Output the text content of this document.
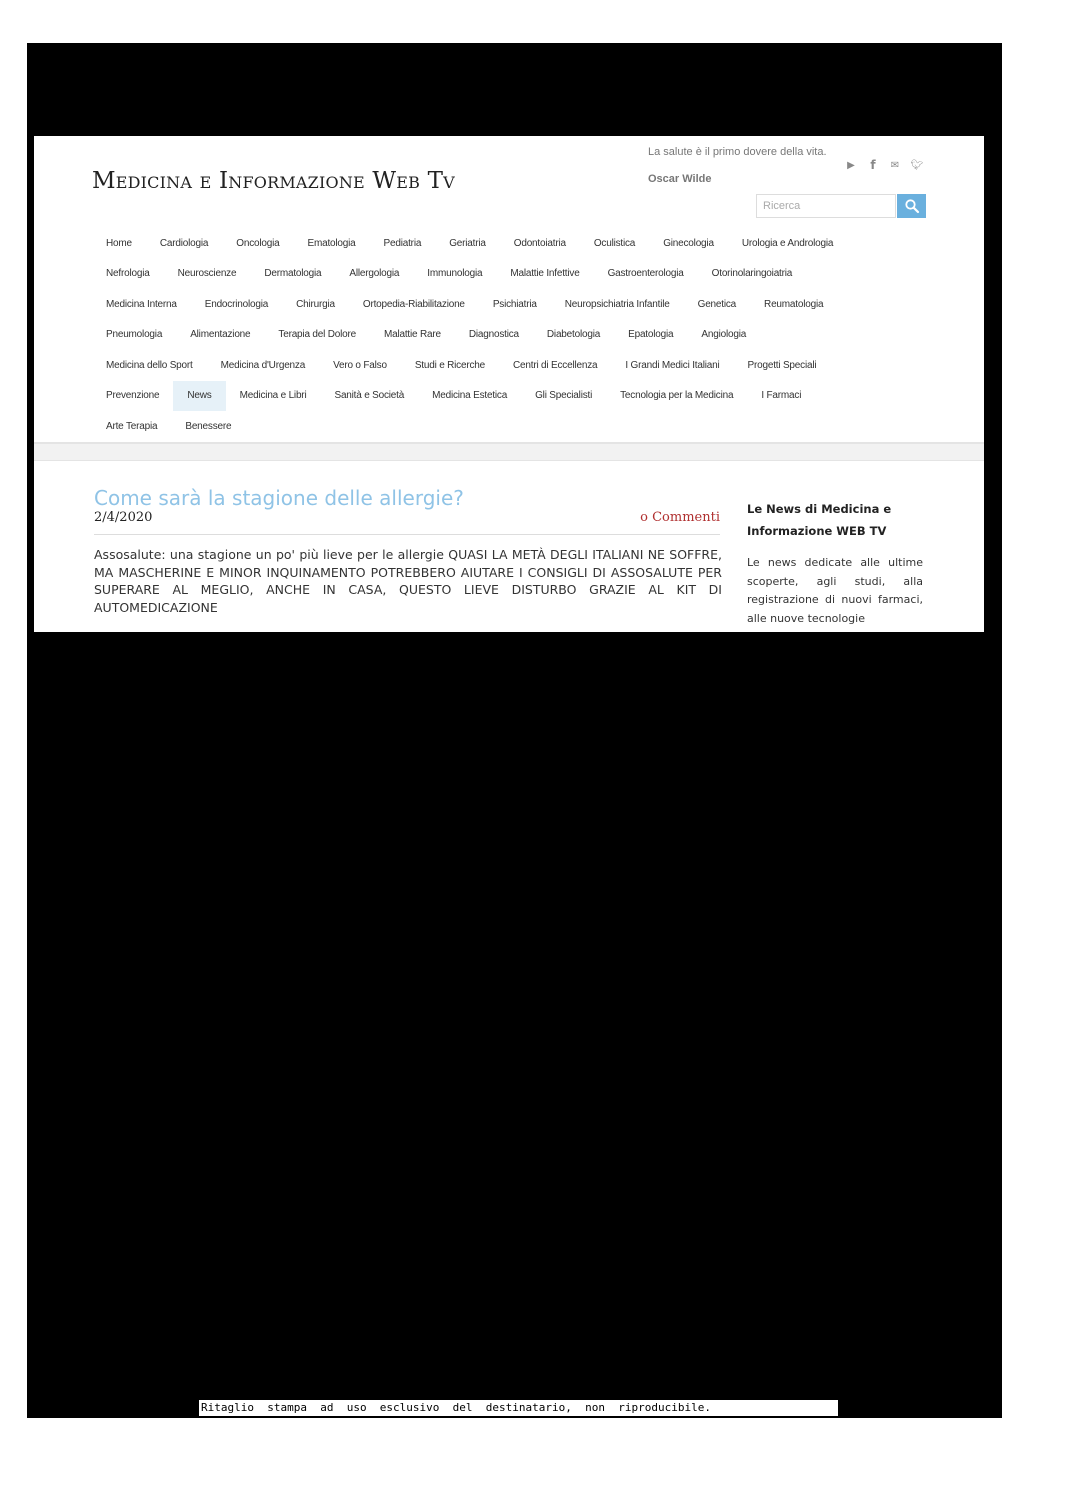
Medicina e Informazione Web Tv
La salute è il primo dovere della vita.
Oscar Wilde
▶	f	✉ 🐦︎
Ricerca
Home	Cardiologia	Oncologia	Ematologia	Pediatria	Geriatria	Odontoiatria	Oculistica	Ginecologia	Urologia e Andrologia
Nefrologia	Neuroscienze	Dermatologia	Allergologia	Immunologia	Malattie Infettive	Gastroenterologia	Otorinolaringoiatria
Medicina Interna	Endocrinologia	Chirurgia	Ortopedia-Riabilitazione	Psichiatria	Neuropsichiatria Infantile	Genetica	Reumatologia
Pneumologia	Alimentazione	Terapia del Dolore	Malattie Rare	Diagnostica	Diabetologia	Epatologia	Angiologia
Medicina dello Sport	Medicina d'Urgenza	Vero o Falso	Studi e Ricerche	Centri di Eccellenza	I Grandi Medici Italiani	Progetti Speciali
Prevenzione	News	Medicina e Libri	Sanità e Società	Medicina Estetica	Gli Specialisti	Tecnologia per la Medicina	I Farmaci
Arte Terapia	Benessere
Come sarà la stagione delle allergie?
2/4/2020	o Commenti
Assosalute: una stagione un po' più lieve per le allergie QUASI LA METÀ DEGLI ITALIANI NE SOFFRE, MA MASCHERINE E MINOR INQUINAMENTO POTREBBERO AIUTARE I CONSIGLI DI ASSOSALUTE PER SUPERARE AL MEGLIO, ANCHE IN CASA, QUESTO LIEVE DISTURBO GRAZIE AL KIT DI AUTOMEDICAZIONE
Le News di Medicina e Informazione WEB TV
Le news dedicate alle ultime scoperte, agli studi, alla registrazione di nuovi farmaci, alle nuove tecnologie
Ritaglio  stampa  ad  uso  esclusivo  del  destinatario,  non  riproducibile.
